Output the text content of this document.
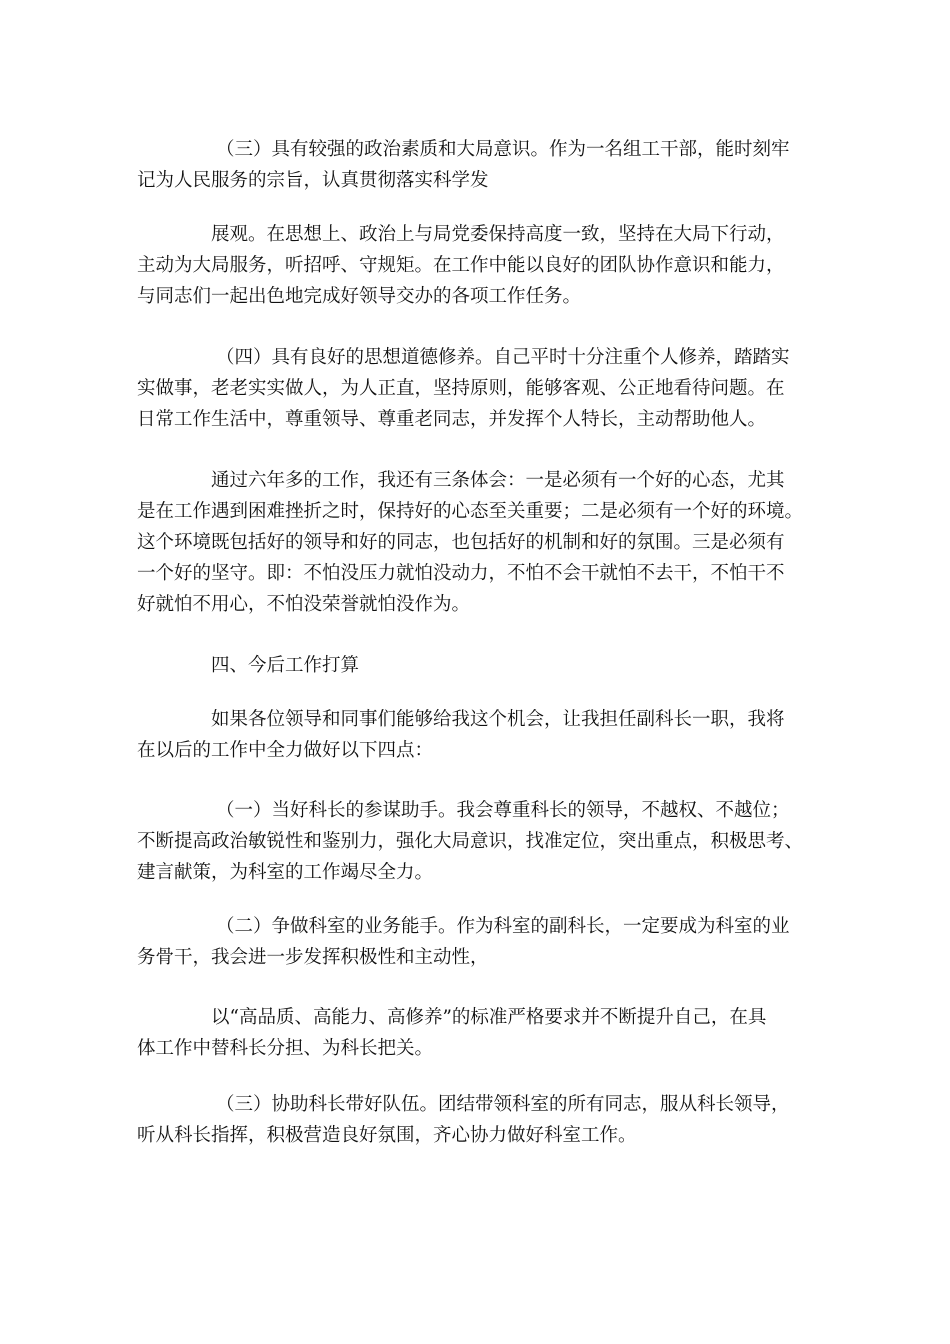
（三）具有较强的政治素质和大局意识。作为一名组工干部，能时刻牢
记为人民服务的宗旨，认真贯彻落实科学发

展观。在思想上、政治上与局党委保持高度一致，坚持在大局下行动，
主动为大局服务，听招呼、守规矩。在工作中能以良好的团队协作意识和能力，
与同志们一起出色地完成好领导交办的各项工作任务。

（四）具有良好的思想道德修养。自己平时十分注重个人修养，踏踏实
实做事，老老实实做人，为人正直，坚持原则，能够客观、公正地看待问题。在
日常工作生活中，尊重领导、尊重老同志，并发挥个人特长，主动帮助他人。

通过六年多的工作，我还有三条体会：一是必须有一个好的心态，尤其
是在工作遇到困难挫折之时，保持好的心态至关重要；二是必须有一个好的环境。
这个环境既包括好的领导和好的同志，也包括好的机制和好的氛围。三是必须有
一个好的坚守。即：不怕没压力就怕没动力，不怕不会干就怕不去干，不怕干不
好就怕不用心，不怕没荣誉就怕没作为。

四、今后工作打算

如果各位领导和同事们能够给我这个机会，让我担任副科长一职，我将
在以后的工作中全力做好以下四点：

（一）当好科长的参谋助手。我会尊重科长的领导，不越权、不越位；
不断提高政治敏锐性和鉴别力，强化大局意识，找准定位，突出重点，积极思考、
建言献策，为科室的工作竭尽全力。

（二）争做科室的业务能手。作为科室的副科长，一定要成为科室的业
务骨干，我会进一步发挥积极性和主动性，

以“高品质、高能力、高修养”的标准严格要求并不断提升自己，在具
体工作中替科长分担、为科长把关。

（三）协助科长带好队伍。团结带领科室的所有同志，服从科长领导，
听从科长指挥，积极营造良好氛围，齐心协力做好科室工作。
